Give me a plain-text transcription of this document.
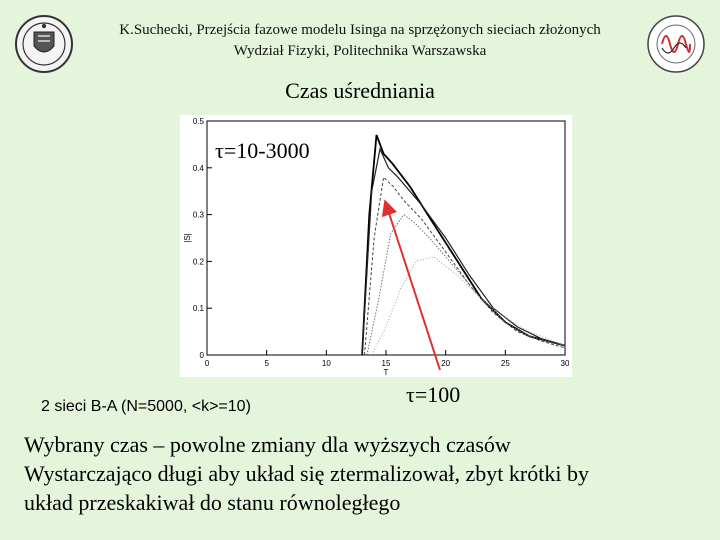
K.Suchecki, Przejścia fazowe modelu Isinga na sprzężonych sieciach złożonych
Wydział Fizyki, Politechnika Warszawska
Czas uśredniania
0	5	10	15	20	25	30
0
0.1
0.2
0.3
0.4
0.5
T
|S|
τ=10-3000
τ=100
2 sieci B-A (N=5000, <k>=10)
Wybrany czas – powolne zmiany dla wyższych czasów
Wystarczająco długi aby układ się ztermalizował, zbyt krótki by
układ przeskakiwał do stanu równoległego
